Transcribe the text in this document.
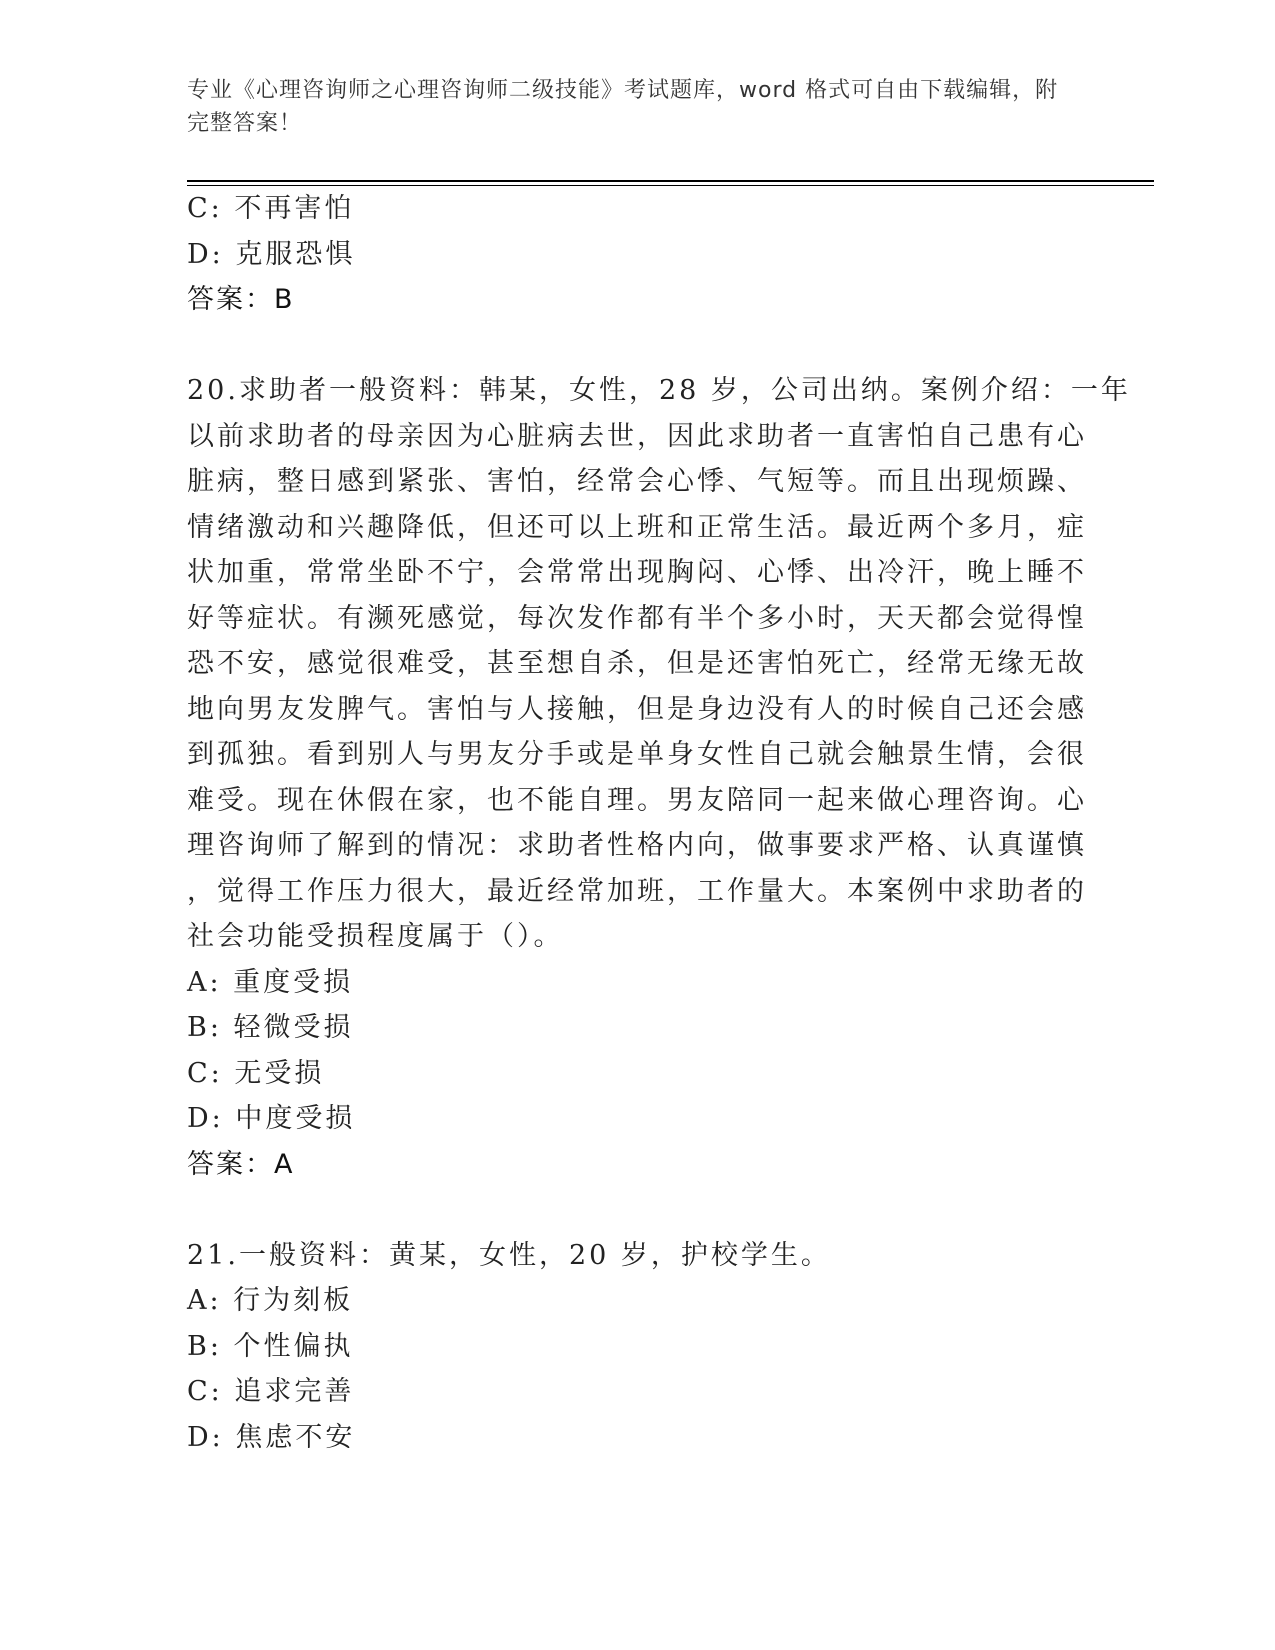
专业《心理咨询师之心理咨询师二级技能》考试题库，word 格式可自由下载编辑，附完整答案！
C: 不再害怕
D: 克服恐惧
答案：B
20.求助者一般资料：韩某，女性，28 岁，公司出纳。案例介绍：一年
以前求助者的母亲因为心脏病去世，因此求助者一直害怕自己患有心
脏病，整日感到紧张、害怕，经常会心悸、气短等。而且出现烦躁、
情绪激动和兴趣降低，但还可以上班和正常生活。最近两个多月，症
状加重，常常坐卧不宁，会常常出现胸闷、心悸、出冷汗，晚上睡不
好等症状。有濒死感觉，每次发作都有半个多小时，天天都会觉得惶
恐不安，感觉很难受，甚至想自杀，但是还害怕死亡，经常无缘无故
地向男友发脾气。害怕与人接触，但是身边没有人的时候自己还会感
到孤独。看到别人与男友分手或是单身女性自己就会触景生情，会很
难受。现在休假在家，也不能自理。男友陪同一起来做心理咨询。心
理咨询师了解到的情况：求助者性格内向，做事要求严格、认真谨慎
，觉得工作压力很大，最近经常加班，工作量大。本案例中求助者的
社会功能受损程度属于（）。
A: 重度受损
B: 轻微受损
C: 无受损
D: 中度受损
答案：A
21.一般资料：黄某，女性，20 岁，护校学生。
A: 行为刻板
B: 个性偏执
C: 追求完善
D: 焦虑不安
